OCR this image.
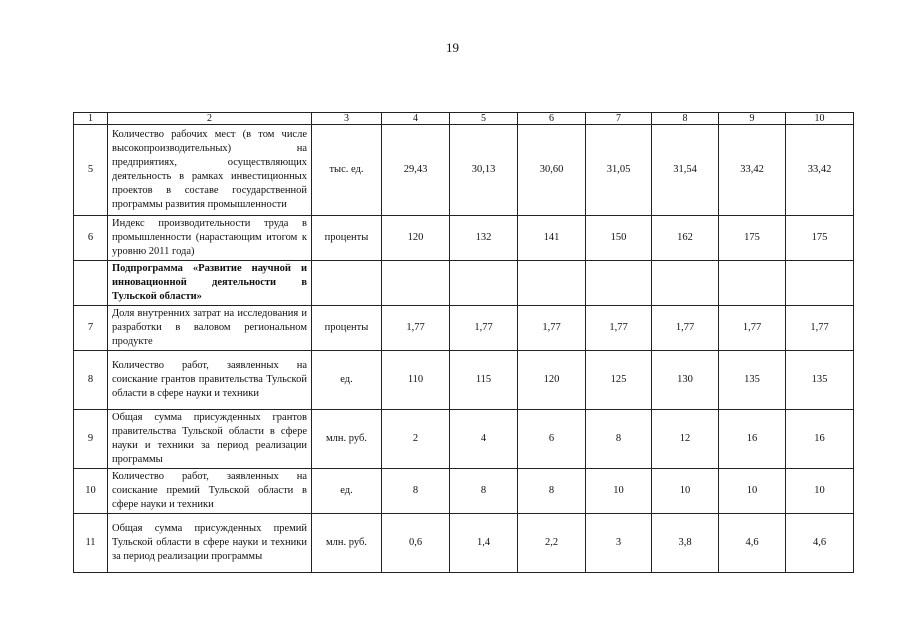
19
1	2	3	4	5	6	7	8	9	10
5	Количество рабочих мест (в том числе высокопроизводительных) на предприятиях, осуществляющих деятельность в рамках инвестиционных проектов в составе государственной программы развития промышленности	тыс. ед.	29,43	30,13	30,60	31,05	31,54	33,42	33,42
6	Индекс производительности труда в промышленности (нарастающим итогом к уровню 2011 года)	проценты	120	132	141	150	162	175	175
	Подпрограмма «Развитие научной и инновационной деятельности в Тульской области»								
7	Доля внутренних затрат на исследования и разработки в валовом региональном продукте	проценты	1,77	1,77	1,77	1,77	1,77	1,77	1,77
8	Количество работ, заявленных на соискание грантов правительства Тульской области в сфере науки и техники	ед.	110	115	120	125	130	135	135
9	Общая сумма присужденных грантов правительства Тульской области в сфере науки и техники за период реализации программы	млн. руб.	2	4	6	8	12	16	16
10	Количество работ, заявленных на соискание премий Тульской области в сфере науки и техники	ед.	8	8	8	10	10	10	10
11	Общая сумма присужденных премий Тульской области в сфере науки и техники за период реализации программы	млн. руб.	0,6	1,4	2,2	3	3,8	4,6	4,6
